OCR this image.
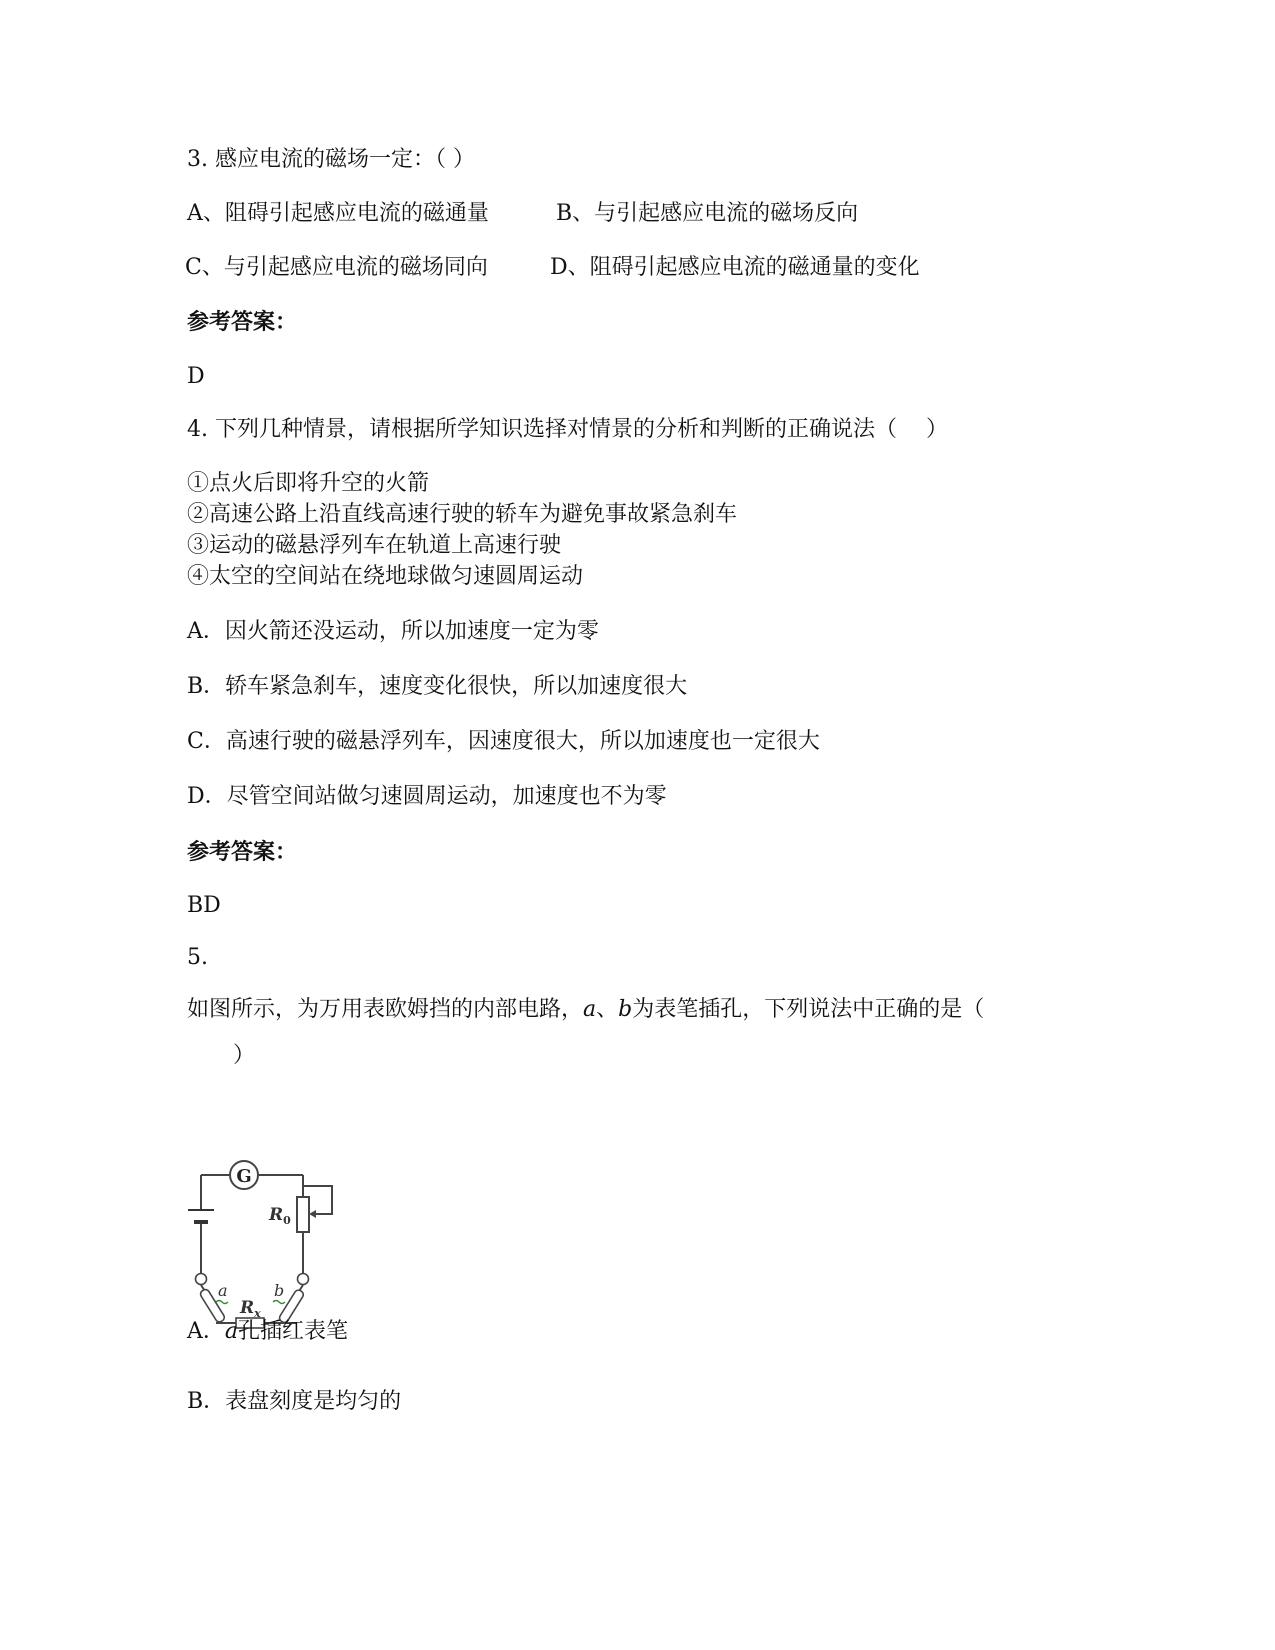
3. 感应电流的磁场一定：（ ）
A、阻碍引起感应电流的磁通量	B、与引起感应电流的磁场反向
C、与引起感应电流的磁场同向	D、阻碍引起感应电流的磁通量的变化
参考答案：
D
4. 下列几种情景，请根据所学知识选择对情景的分析和判断的正确说法（　 ）
①点火后即将升空的火箭
②高速公路上沿直线高速行驶的轿车为避免事故紧急刹车
③运动的磁悬浮列车在轨道上高速行驶
④太空的空间站在绕地球做匀速圆周运动
A．因火箭还没运动，所以加速度一定为零
B．轿车紧急刹车，速度变化很快，所以加速度很大
C．高速行驶的磁悬浮列车，因速度很大，所以加速度也一定很大
D．尽管空间站做匀速圆周运动，加速度也不为零
参考答案：
BD
5.
如图所示，为万用表欧姆挡的内部电路，a、b为表笔插孔，下列说法中正确的是（
）
G
$R_0$
$R_x$
a	b
A．a孔插红表笔
B．表盘刻度是均匀的
